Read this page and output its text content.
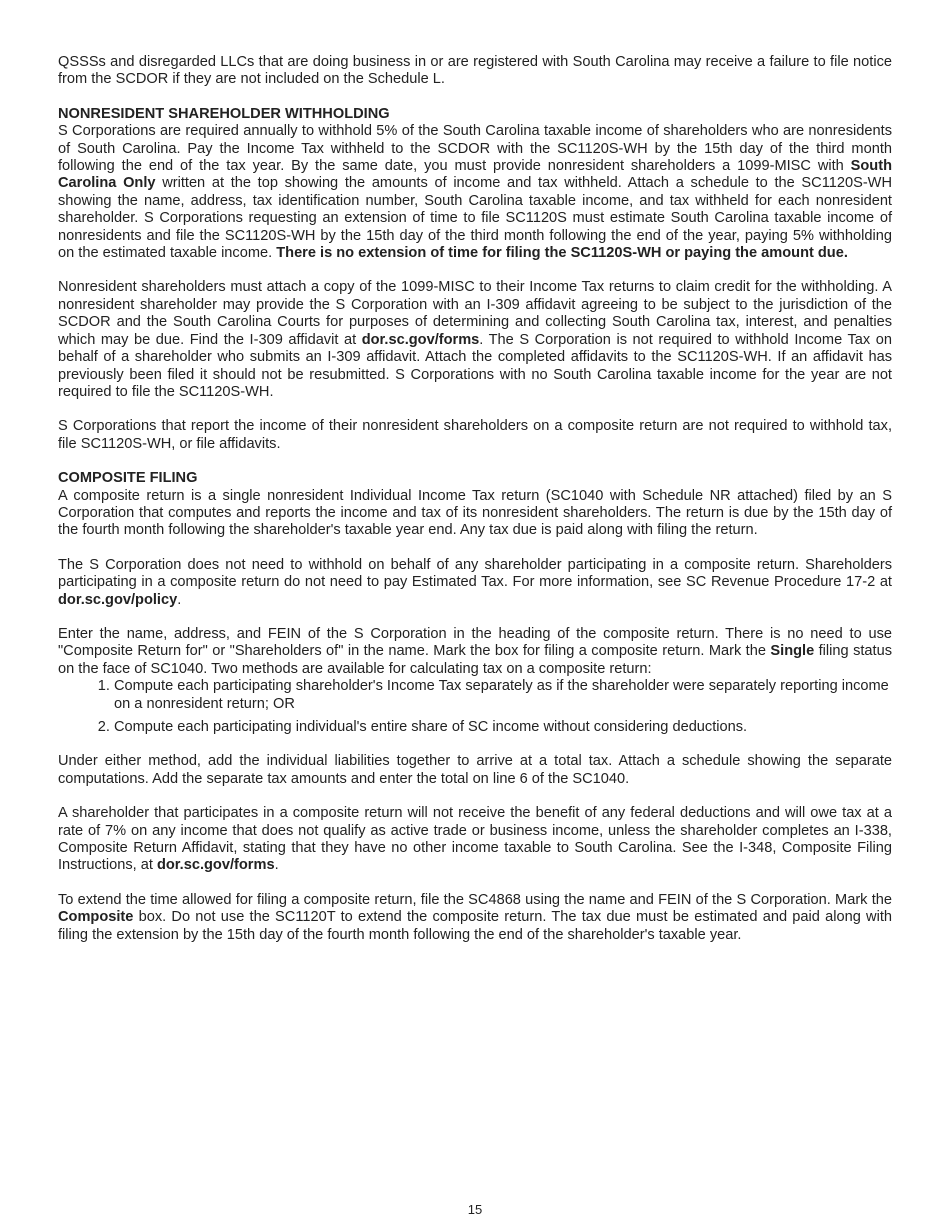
QSSSs and disregarded LLCs that are doing business in or are registered with South Carolina may receive a failure to file notice from the SCDOR if they are not included on the Schedule L.

NONRESIDENT SHAREHOLDER WITHHOLDING

S Corporations are required annually to withhold 5% of the South Carolina taxable income of shareholders who are nonresidents of South Carolina. Pay the Income Tax withheld to the SCDOR with the SC1120S-WH by the 15th day of the third month following the end of the tax year. By the same date, you must provide nonresident shareholders a 1099-MISC with South Carolina Only written at the top showing the amounts of income and tax withheld. Attach a schedule to the SC1120S-WH showing the name, address, tax identification number, South Carolina taxable income, and tax withheld for each nonresident shareholder. S Corporations requesting an extension of time to file SC1120S must estimate South Carolina taxable income of nonresidents and file the SC1120S-WH by the 15th day of the third month following the end of the year, paying 5% withholding on the estimated taxable income. There is no extension of time for filing the SC1120S-WH or paying the amount due.

Nonresident shareholders must attach a copy of the 1099-MISC to their Income Tax returns to claim credit for the withholding. A nonresident shareholder may provide the S Corporation with an I-309 affidavit agreeing to be subject to the jurisdiction of the SCDOR and the South Carolina Courts for purposes of determining and collecting South Carolina tax, interest, and penalties which may be due. Find the I-309 affidavit at dor.sc.gov/forms. The S Corporation is not required to withhold Income Tax on behalf of a shareholder who submits an I-309 affidavit. Attach the completed affidavits to the SC1120S-WH. If an affidavit has previously been filed it should not be resubmitted. S Corporations with no South Carolina taxable income for the year are not required to file the SC1120S-WH.

S Corporations that report the income of their nonresident shareholders on a composite return are not required to withhold tax, file SC1120S-WH, or file affidavits.

COMPOSITE FILING

A composite return is a single nonresident Individual Income Tax return (SC1040 with Schedule NR attached) filed by an S Corporation that computes and reports the income and tax of its nonresident shareholders. The return is due by the 15th day of the fourth month following the shareholder's taxable year end. Any tax due is paid along with filing the return.

The S Corporation does not need to withhold on behalf of any shareholder participating in a composite return. Shareholders participating in a composite return do not need to pay Estimated Tax. For more information, see SC Revenue Procedure 17-2 at dor.sc.gov/policy.

Enter the name, address, and FEIN of the S Corporation in the heading of the composite return. There is no need to use "Composite Return for" or "Shareholders of" in the name. Mark the box for filing a composite return. Mark the Single filing status on the face of SC1040. Two methods are available for calculating tax on a composite return:

1. Compute each participating shareholder's Income Tax separately as if the shareholder were separately reporting income on a nonresident return; OR
2. Compute each participating individual's entire share of SC income without considering deductions.

Under either method, add the individual liabilities together to arrive at a total tax. Attach a schedule showing the separate computations. Add the separate tax amounts and enter the total on line 6 of the SC1040.

A shareholder that participates in a composite return will not receive the benefit of any federal deductions and will owe tax at a rate of 7% on any income that does not qualify as active trade or business income, unless the shareholder completes an I-338, Composite Return Affidavit, stating that they have no other income taxable to South Carolina. See the I-348, Composite Filing Instructions, at dor.sc.gov/forms.

To extend the time allowed for filing a composite return, file the SC4868 using the name and FEIN of the S Corporation. Mark the Composite box. Do not use the SC1120T to extend the composite return. The tax due must be estimated and paid along with filing the extension by the 15th day of the fourth month following the end of the shareholder's taxable year.

15
